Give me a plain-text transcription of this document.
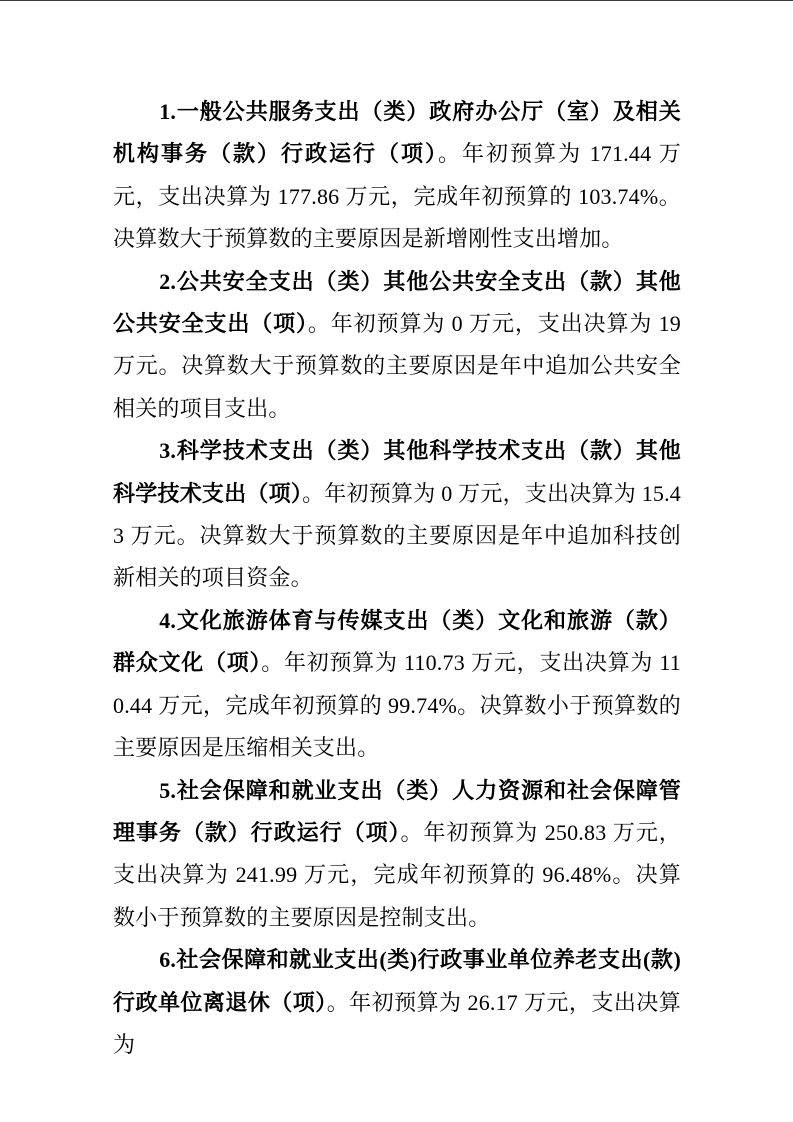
1.一般公共服务支出（类）政府办公厅（室）及相关机构事务（款）行政运行（项）。年初预算为 171.44 万元，支出决算为 177.86 万元，完成年初预算的 103.74%。决算数大于预算数的主要原因是新增刚性支出增加。

2.公共安全支出（类）其他公共安全支出（款）其他公共安全支出（项）。年初预算为 0 万元，支出决算为 19 万元。决算数大于预算数的主要原因是年中追加公共安全相关的项目支出。

3.科学技术支出（类）其他科学技术支出（款）其他科学技术支出（项）。年初预算为 0 万元，支出决算为 15.43 万元。决算数大于预算数的主要原因是年中追加科技创新相关的项目资金。

4.文化旅游体育与传媒支出（类）文化和旅游（款）群众文化（项）。年初预算为 110.73 万元，支出决算为 110.44 万元，完成年初预算的 99.74%。决算数小于预算数的主要原因是压缩相关支出。

5.社会保障和就业支出（类）人力资源和社会保障管理事务（款）行政运行（项）。年初预算为 250.83 万元，支出决算为 241.99 万元，完成年初预算的 96.48%。决算数小于预算数的主要原因是控制支出。

6.社会保障和就业支出(类)行政事业单位养老支出(款)行政单位离退休（项）。年初预算为 26.17 万元，支出决算为
